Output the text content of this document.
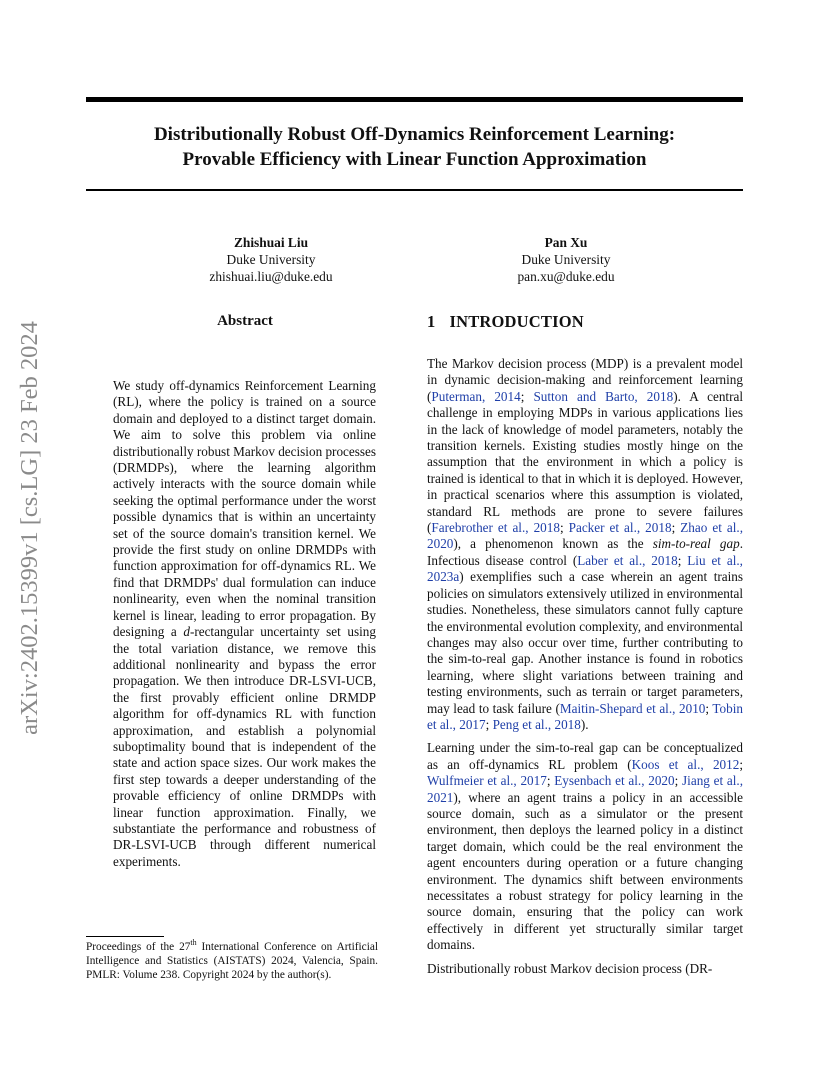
Distributionally Robust Off-Dynamics Reinforcement Learning:
Provable Efficiency with Linear Function Approximation
arXiv:2402.15399v1 [cs.LG] 23 Feb 2024
Zhishuai Liu
Duke University
zhishuai.liu@duke.edu
Pan Xu
Duke University
pan.xu@duke.edu
Abstract
We study off-dynamics Reinforcement Learning (RL), where the policy is trained on a source domain and deployed to a distinct target domain. We aim to solve this problem via online distributionally robust Markov decision processes (DRMDPs), where the learning algorithm actively interacts with the source domain while seeking the optimal performance under the worst possible dynamics that is within an uncertainty set of the source domain's transition kernel. We provide the first study on online DRMDPs with function approximation for off-dynamics RL. We find that DRMDPs' dual formulation can induce nonlinearity, even when the nominal transition kernel is linear, leading to error propagation. By designing a d-rectangular uncertainty set using the total variation distance, we remove this additional nonlinearity and bypass the error propagation. We then introduce DR-LSVI-UCB, the first provably efficient online DRMDP algorithm for off-dynamics RL with function approximation, and establish a polynomial suboptimality bound that is independent of the state and action space sizes. Our work makes the first step towards a deeper understanding of the provable efficiency of online DRMDPs with linear function approximation. Finally, we substantiate the performance and robustness of DR-LSVI-UCB through different numerical experiments.
1 INTRODUCTION

The Markov decision process (MDP) is a prevalent model in dynamic decision-making and reinforcement learning (Puterman, 2014; Sutton and Barto, 2018). A central challenge in employing MDPs in various applications lies in the lack of knowledge of model parameters, notably the transition kernels. Existing studies mostly hinge on the assumption that the environment in which a policy is trained is identical to that in which it is deployed. However, in practical scenarios where this assumption is violated, standard RL methods are prone to severe failures (Farebrother et al., 2018; Packer et al., 2018; Zhao et al., 2020), a phenomenon known as the sim-to-real gap. Infectious disease control (Laber et al., 2018; Liu et al., 2023a) exemplifies such a case wherein an agent trains policies on simulators extensively utilized in environmental studies. Nonetheless, these simulators cannot fully capture the environmental evolution complexity, and environmental changes may also occur over time, further contributing to the sim-to-real gap. Another instance is found in robotics learning, where slight variations between training and testing environments, such as terrain or target parameters, may lead to task failure (Maitin-Shepard et al., 2010; Tobin et al., 2017; Peng et al., 2018).

Learning under the sim-to-real gap can be conceptualized as an off-dynamics RL problem (Koos et al., 2012; Wulfmeier et al., 2017; Eysenbach et al., 2020; Jiang et al., 2021), where an agent trains a policy in an accessible source domain, such as a simulator or the present environment, then deploys the learned policy in a distinct target domain, which could be the real environment the agent encounters during operation or a future changing environment. The dynamics shift between environments necessitates a robust strategy for policy learning in the source domain, ensuring that the policy can work effectively in different yet structurally similar target domains.

Distributionally robust Markov decision process (DR-

Proceedings of the 27th International Conference on Artificial Intelligence and Statistics (AISTATS) 2024, Valencia, Spain. PMLR: Volume 238. Copyright 2024 by the author(s).
